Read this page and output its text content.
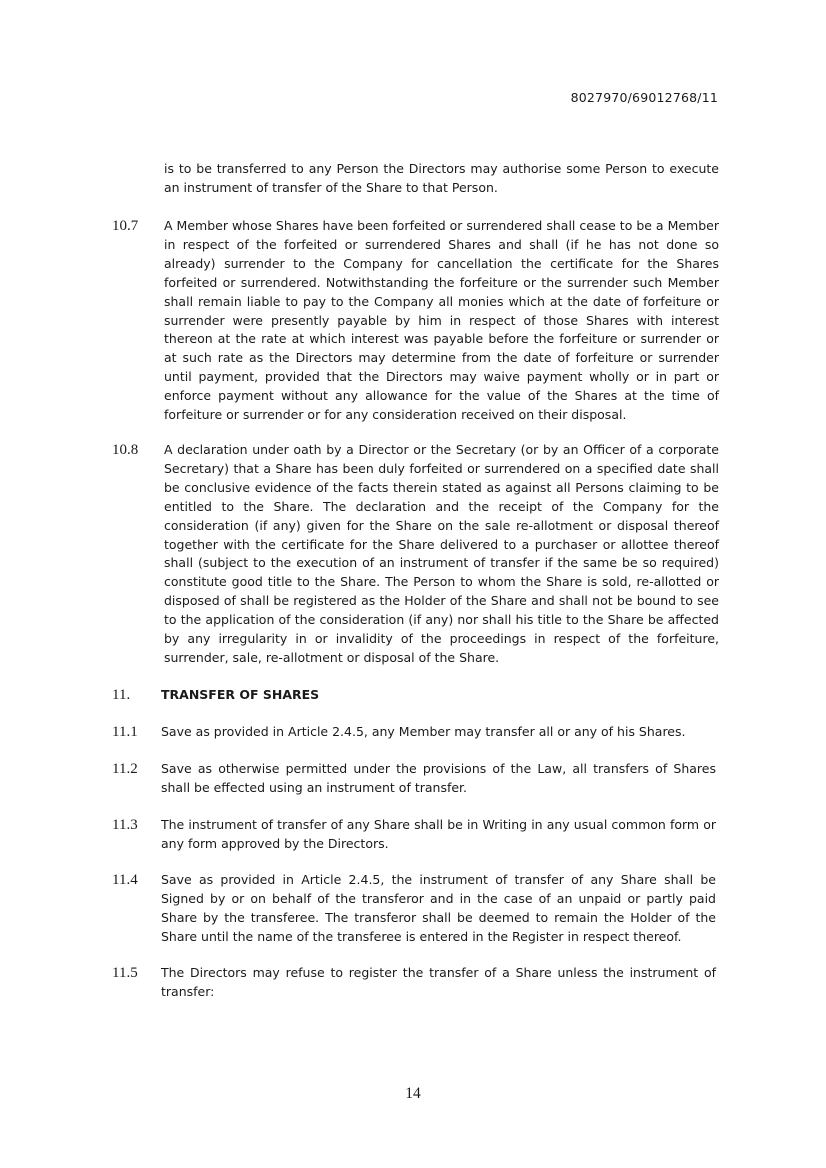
8027970/69012768/11
is to be transferred to any Person the Directors may authorise some Person to execute an instrument of transfer of the Share to that Person.
10.7 A Member whose Shares have been forfeited or surrendered shall cease to be a Member in respect of the forfeited or surrendered Shares and shall (if he has not done so already) surrender to the Company for cancellation the certificate for the Shares forfeited or surrendered. Notwithstanding the forfeiture or the surrender such Member shall remain liable to pay to the Company all monies which at the date of forfeiture or surrender were presently payable by him in respect of those Shares with interest thereon at the rate at which interest was payable before the forfeiture or surrender or at such rate as the Directors may determine from the date of forfeiture or surrender until payment, provided that the Directors may waive payment wholly or in part or enforce payment without any allowance for the value of the Shares at the time of forfeiture or surrender or for any consideration received on their disposal.
10.8 A declaration under oath by a Director or the Secretary (or by an Officer of a corporate Secretary) that a Share has been duly forfeited or surrendered on a specified date shall be conclusive evidence of the facts therein stated as against all Persons claiming to be entitled to the Share. The declaration and the receipt of the Company for the consideration (if any) given for the Share on the sale re-allotment or disposal thereof together with the certificate for the Share delivered to a purchaser or allottee thereof shall (subject to the execution of an instrument of transfer if the same be so required) constitute good title to the Share. The Person to whom the Share is sold, re-allotted or disposed of shall be registered as the Holder of the Share and shall not be bound to see to the application of the consideration (if any) nor shall his title to the Share be affected by any irregularity in or invalidity of the proceedings in respect of the forfeiture, surrender, sale, re-allotment or disposal of the Share.
11. TRANSFER OF SHARES
11.1 Save as provided in Article 2.4.5, any Member may transfer all or any of his Shares.
11.2 Save as otherwise permitted under the provisions of the Law, all transfers of Shares shall be effected using an instrument of transfer.
11.3 The instrument of transfer of any Share shall be in Writing in any usual common form or any form approved by the Directors.
11.4 Save as provided in Article 2.4.5, the instrument of transfer of any Share shall be Signed by or on behalf of the transferor and in the case of an unpaid or partly paid Share by the transferee. The transferor shall be deemed to remain the Holder of the Share until the name of the transferee is entered in the Register in respect thereof.
11.5 The Directors may refuse to register the transfer of a Share unless the instrument of transfer:
14
